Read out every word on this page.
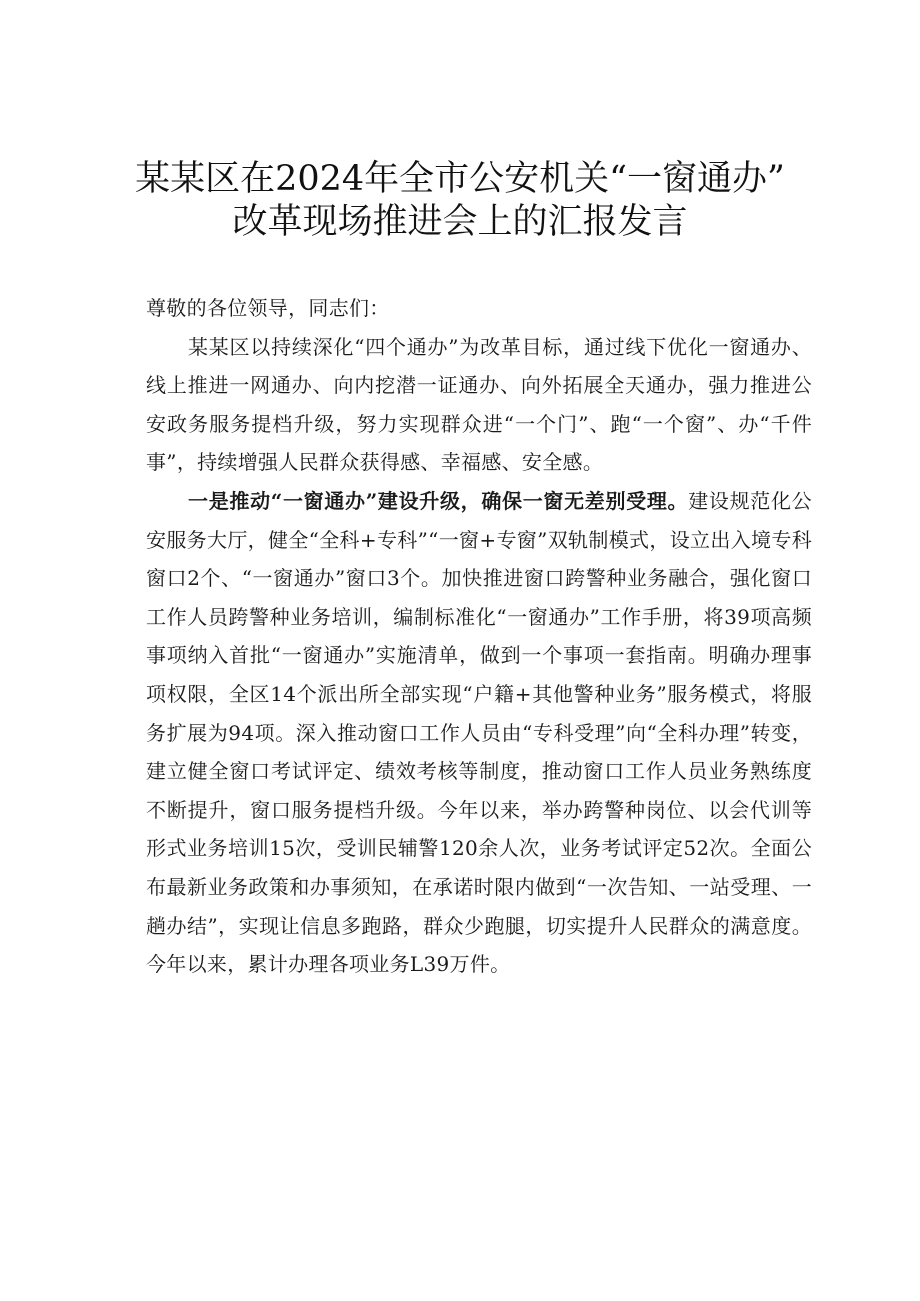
某某区在2024年全市公安机关“一窗通办”
改革现场推进会上的汇报发言

尊敬的各位领导，同志们：

某某区以持续深化“四个通办”为改革目标，通过线下优化一窗通办、线上推进一网通办、向内挖潜一证通办、向外拓展全天通办，强力推进公安政务服务提档升级，努力实现群众进“一个门”、跑“一个窗”、办“千件事”，持续增强人民群众获得感、幸福感、安全感。

一是推动“一窗通办”建设升级，确保一窗无差别受理。建设规范化公安服务大厅，健全“全科+专科”“一窗+专窗”双轨制模式，设立出入境专科窗口2个、“一窗通办”窗口3个。加快推进窗口跨警种业务融合，强化窗口工作人员跨警种业务培训，编制标准化“一窗通办”工作手册，将39项高频事项纳入首批“一窗通办”实施清单，做到一个事项一套指南。明确办理事项权限，全区14个派出所全部实现“户籍+其他警种业务”服务模式，将服务扩展为94项。深入推动窗口工作人员由“专科受理”向“全科办理”转变，建立健全窗口考试评定、绩效考核等制度，推动窗口工作人员业务熟练度不断提升，窗口服务提档升级。今年以来，举办跨警种岗位、以会代训等形式业务培训15次，受训民辅警120余人次，业务考试评定52次。全面公布最新业务政策和办事须知，在承诺时限内做到“一次告知、一站受理、一趟办结”，实现让信息多跑路，群众少跑腿，切实提升人民群众的满意度。今年以来，累计办理各项业务L39万件。
